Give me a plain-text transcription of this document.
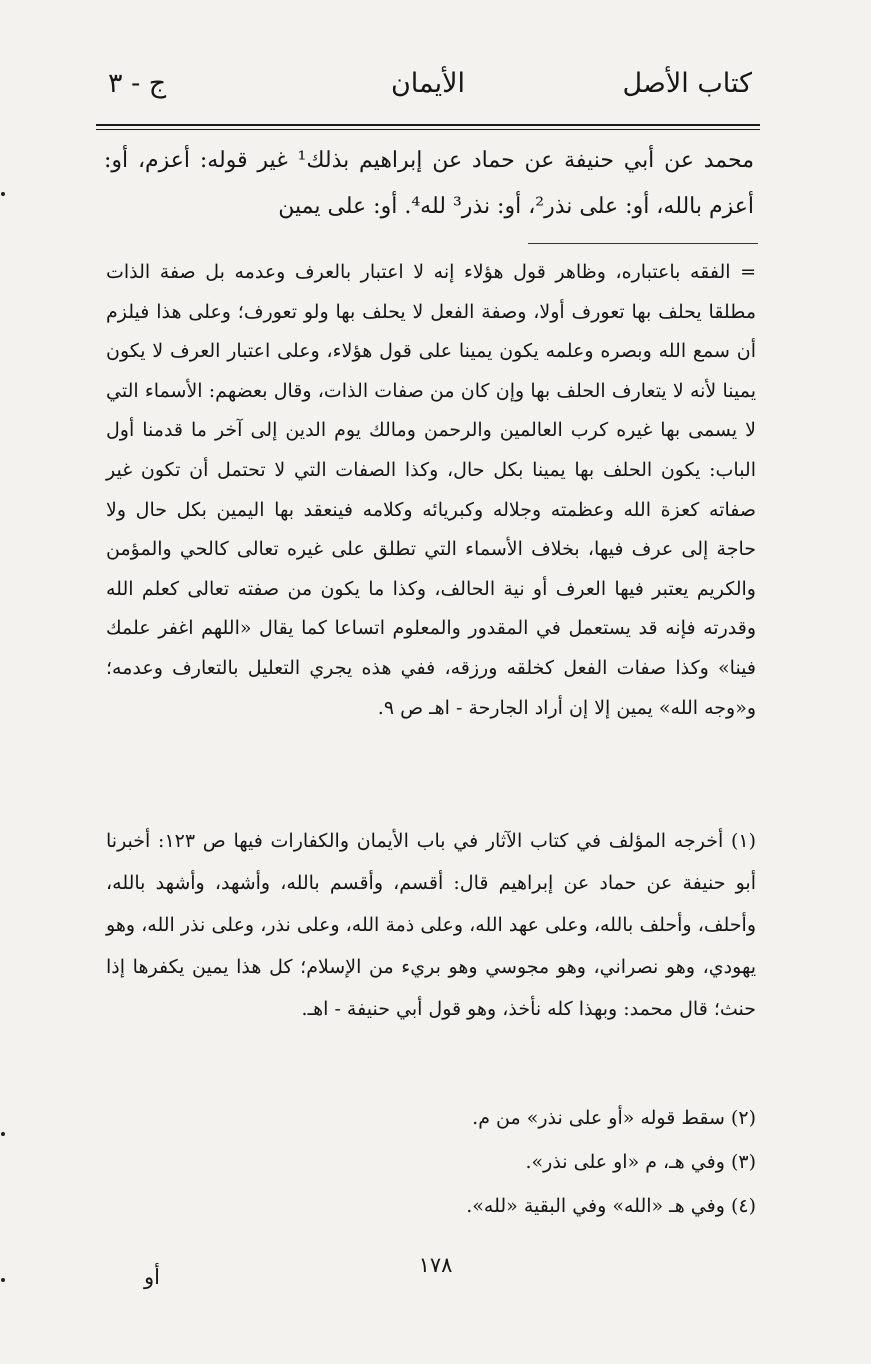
كتاب الأصل
الأيمان
ج - ٣
محمد عن أبي حنيفة عن حماد عن إبراهيم بذلك¹ غير قوله: أعزم، أو: أعزم بالله، أو: على نذر²، أو: نذر³ لله⁴. أو: على يمين
= الفقه باعتباره، وظاهر قول هؤلاء إنه لا اعتبار بالعرف وعدمه بل صفة الذات مطلقا يحلف بها تعورف أولا، وصفة الفعل لا يحلف بها ولو تعورف؛ وعلى هذا فيلزم أن سمع الله وبصره وعلمه يكون يمينا على قول هؤلاء، وعلى اعتبار العرف لا يكون يمينا لأنه لا يتعارف الحلف بها وإن كان من صفات الذات، وقال بعضهم: الأسماء التي لا يسمى بها غيره كرب العالمين والرحمن ومالك يوم الدين إلى آخر ما قدمنا أول الباب: يكون الحلف بها يمينا بكل حال، وكذا الصفات التي لا تحتمل أن تكون غير صفاته كعزة الله وعظمته وجلاله وكبريائه وكلامه فينعقد بها اليمين بكل حال ولا حاجة إلى عرف فيها، بخلاف الأسماء التي تطلق على غيره تعالى كالحي والمؤمن والكريم يعتبر فيها العرف أو نية الحالف، وكذا ما يكون من صفته تعالى كعلم الله وقدرته فإنه قد يستعمل في المقدور والمعلوم اتساعا كما يقال «اللهم اغفر علمك فينا» وكذا صفات الفعل كخلقه ورزقه، ففي هذه يجري التعليل بالتعارف وعدمه؛ و«وجه الله» يمين إلا إن أراد الجارحة - اهـ ص ٩.
(١) أخرجه المؤلف في كتاب الآثار في باب الأيمان والكفارات فيها ص ١٢٣: أخبرنا أبو حنيفة عن حماد عن إبراهيم قال: أقسم، وأقسم بالله، وأشهد، وأشهد بالله، وأحلف، وأحلف بالله، وعلى عهد الله، وعلى ذمة الله، وعلى نذر، وعلى نذر الله، وهو يهودي، وهو نصراني، وهو مجوسي وهو بريء من الإسلام؛ كل هذا يمين يكفرها إذا حنث؛ قال محمد: وبهذا كله نأخذ، وهو قول أبي حنيفة - اهـ.
(٢) سقط قوله «أو على نذر» من م.
(٣) وفي هـ، م «او على نذر».
(٤) وفي هـ «الله» وفي البقية «لله».
١٧٨
أو
